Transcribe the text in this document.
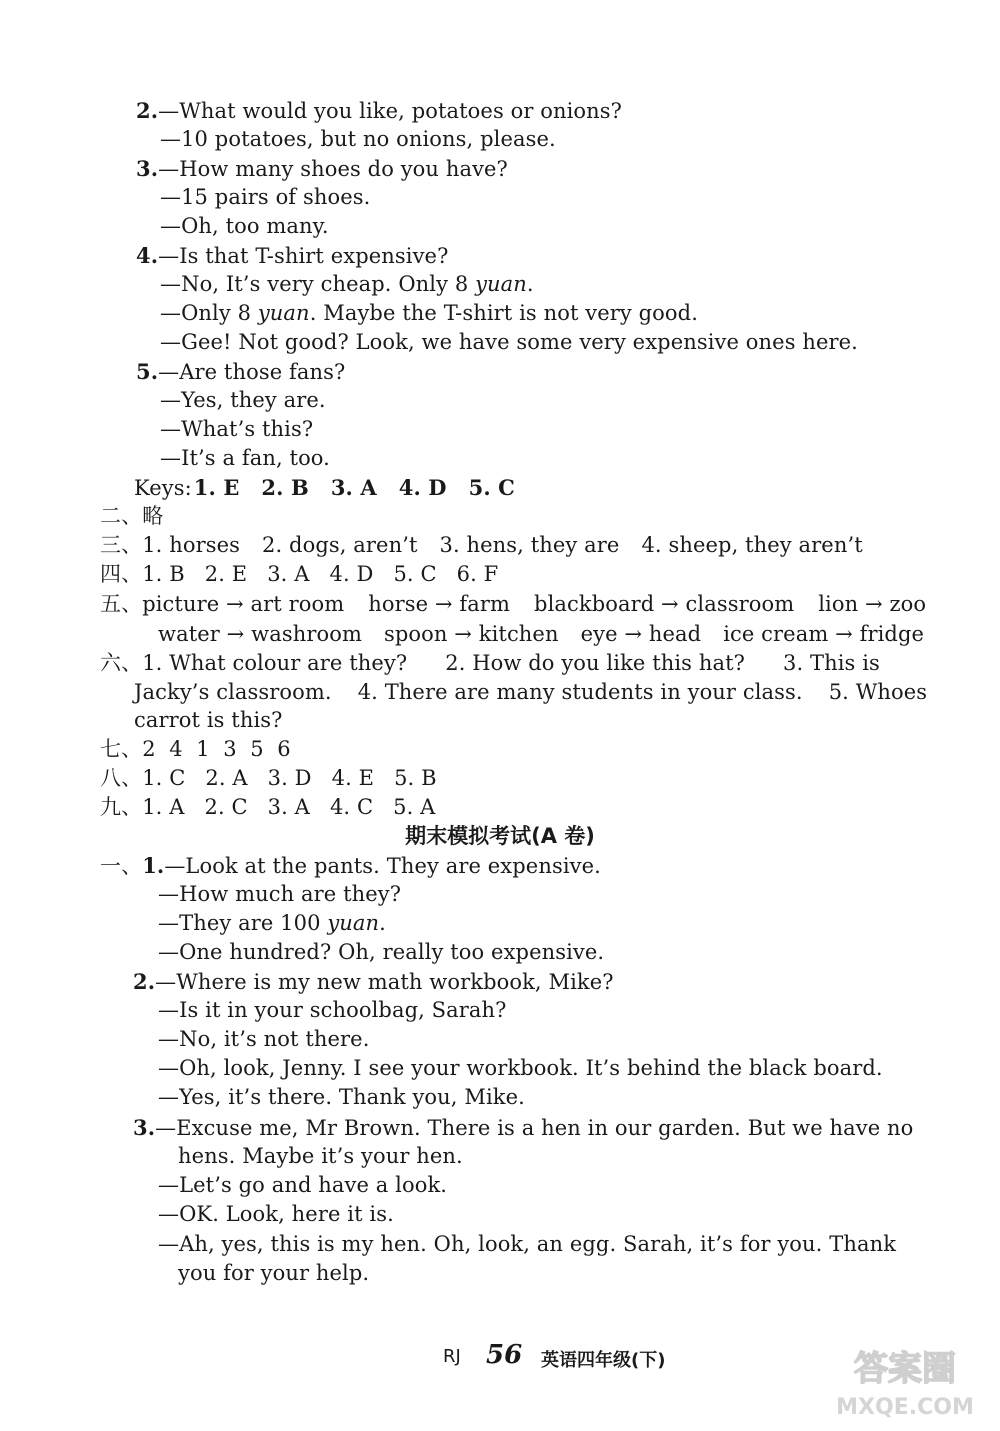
2.—What would you like, potatoes or onions?
—10 potatoes, but no onions, please.
3.—How many shoes do you have?
—15 pairs of shoes.
—Oh, too many.
4.—Is that T-shirt expensive?
—No, It’s very cheap. Only 8 yuan.
—Only 8 yuan. Maybe the T-shirt is not very good.
—Gee! Not good? Look, we have some very expensive ones here.
5.—Are those fans?
—Yes, they are.
—What’s this?
—It’s a fan, too.
Keys:1. E 2. B 3. A 4. D 5. C
二、略
三、1. horses 2. dogs, aren’t 3. hens, they are 4. sheep, they aren’t
四、1. B 2. E 3. A 4. D 5. C 6. F
五、picture → art room horse → farm blackboard → classroom lion → zoo
water → washroom spoon → kitchen eye → head ice cream → fridge
六、1. What colour are they? 2. How do you like this hat? 3. This is
Jacky’s classroom. 4. There are many students in your class. 5. Whoes
carrot is this?
七、2  4  1  3  5  6
八、1. C 2. A 3. D 4. E 5. B
九、1. A 2. C 3. A 4. C 5. A
期末模拟考试(A 卷)
一、1.—Look at the pants. They are expensive.
—How much are they?
—They are 100 yuan.
—One hundred? Oh, really too expensive.
2.—Where is my new math workbook, Mike?
—Is it in your schoolbag, Sarah?
—No, it’s not there.
—Oh, look, Jenny. I see your workbook. It’s behind the black board.
—Yes, it’s there. Thank you, Mike.
3.—Excuse me, Mr Brown. There is a hen in our garden. But we have no
hens. Maybe it’s your hen.
—Let’s go and have a look.
—OK. Look, here it is.
—Ah, yes, this is my hen. Oh, look, an egg. Sarah, it’s for you. Thank
you for your help.
RJ 56 英语四年级(下)	答案圈
MXQE.COM
